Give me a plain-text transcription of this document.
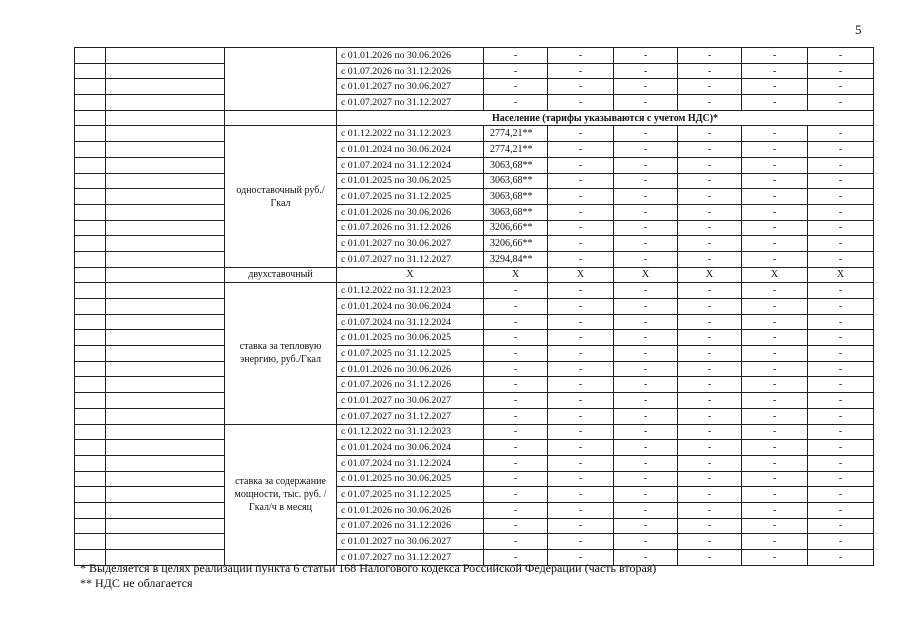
5
			с 01.01.2026 по 30.06.2026	-	-	-	-	-	-
			с 01.07.2026 по 31.12.2026	-	-	-	-	-	-
			с 01.01.2027 по 30.06.2027	-	-	-	-	-	-
			с 01.07.2027 по 31.12.2027	-	-	-	-	-	-
			Население (тарифы указываются с учетом НДС)*						
		одноставочный руб./Гкал	с 01.12.2022 по 31.12.2023	2774,21**	-	-	-	-	-
			с 01.01.2024 по 30.06.2024	2774,21**	-	-	-	-	-
			с 01.07.2024 по 31.12.2024	3063,68**	-	-	-	-	-
			с 01.01.2025 по 30.06.2025	3063,68**	-	-	-	-	-
			с 01.07.2025 по 31.12.2025	3063,68**	-	-	-	-	-
			с 01.01.2026 по 30.06.2026	3063,68**	-	-	-	-	-
			с 01.07.2026 по 31.12.2026	3206,66**	-	-	-	-	-
			с 01.01.2027 по 30.06.2027	3206,66**	-	-	-	-	-
			с 01.07.2027 по 31.12.2027	3294,84**	-	-	-	-	-
		двухставочный	Х	Х	Х	Х	Х	Х	Х
		ставка за тепловую энергию, руб./Гкал	с 01.12.2022 по 31.12.2023	-	-	-	-	-	-
			с 01.01.2024 по 30.06.2024	-	-	-	-	-	-
			с 01.07.2024 по 31.12.2024	-	-	-	-	-	-
			с 01.01.2025 по 30.06.2025	-	-	-	-	-	-
			с 01.07.2025 по 31.12.2025	-	-	-	-	-	-
			с 01.01.2026 по 30.06.2026	-	-	-	-	-	-
			с 01.07.2026 по 31.12.2026	-	-	-	-	-	-
			с 01.01.2027 по 30.06.2027	-	-	-	-	-	-
			с 01.07.2027 по 31.12.2027	-	-	-	-	-	-
		ставка за содержание мощности, тыс. руб. /Гкал/ч в месяц	с 01.12.2022 по 31.12.2023	-	-	-	-	-	-
			с 01.01.2024 по 30.06.2024	-	-	-	-	-	-
			с 01.07.2024 по 31.12.2024	-	-	-	-	-	-
			с 01.01.2025 по 30.06.2025	-	-	-	-	-	-
			с 01.07.2025 по 31.12.2025	-	-	-	-	-	-
			с 01.01.2026 по 30.06.2026	-	-	-	-	-	-
			с 01.07.2026 по 31.12.2026	-	-	-	-	-	-
			с 01.01.2027 по 30.06.2027	-	-	-	-	-	-
			с 01.07.2027 по 31.12.2027	-	-	-	-	-	-
* Выделяется в целях реализации пункта 6 статьи 168 Налогового кодекса Российской Федерации (часть вторая)
** НДС не облагается
